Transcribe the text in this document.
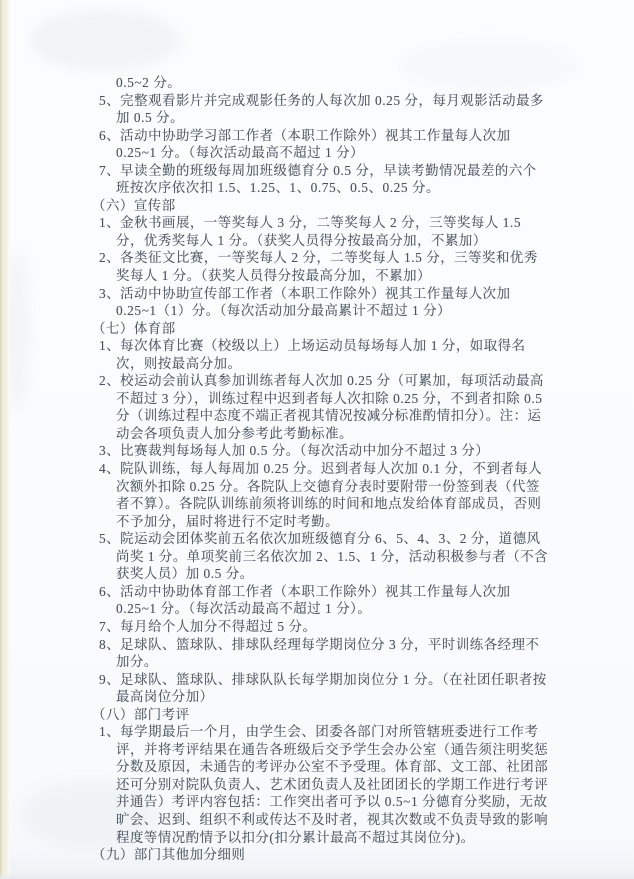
0.5~2 分。
5、完整观看影片并完成观影任务的人每次加 0.25 分，每月观影活动最多加 0.5 分。
6、活动中协助学习部工作者（本职工作除外）视其工作量每人次加 0.25~1 分。（每次活动最高不超过 1 分）
7、早读全勤的班级每周加班级德育分 0.5 分，早读考勤情况最差的六个班按次序依次扣 1.5、1.25、1、0.75、0.5、0.25 分。
（六）宣传部
1、金秋书画展，一等奖每人 3 分，二等奖每人 2 分，三等奖每人 1.5 分，优秀奖每人 1 分。（获奖人员得分按最高分加，不累加）
2、各类征文比赛，一等奖每人 2 分，二等奖每人 1.5 分，三等奖和优秀奖每人 1 分。（获奖人员得分按最高分加，不累加）
3、活动中协助宣传部工作者（本职工作除外）视其工作量每人次加 0.25~1（1）分。（每次活动加分最高累计不超过 1 分）
（七）体育部
1、每次体育比赛（校级以上）上场运动员每场每人加 1 分，如取得名次，则按最高分加。
2、校运动会前认真参加训练者每人次加 0.25 分（可累加，每项活动最高不超过 3 分），训练过程中迟到者每人次扣除 0.25 分，不到者扣除 0.5 分（训练过程中态度不端正者视其情况按减分标准酌情扣分）。注：运动会各项负责人加分参考此考勤标准。
3、比赛裁判每场每人加 0.5 分。（每次活动中加分不超过 3 分）
4、院队训练，每人每周加 0.25 分。迟到者每人次加 0.1 分，不到者每人次额外扣除 0.25 分。各院队上交德育分表时要附带一份签到表（代签者不算）。各院队训练前须将训练的时间和地点发给体育部成员，否则不予加分，届时将进行不定时考勤。
5、院运动会团体奖前五名依次加班级德育分 6、5、4、3、2 分，道德风尚奖 1 分。单项奖前三名依次加 2、1.5、1 分，活动积极参与者（不含获奖人员）加 0.5 分。
6、活动中协助体育部工作者（本职工作除外）视其工作量每人次加 0.25~1 分。（每次活动最高不超过 1 分）。
7、每月给个人加分不得超过 5 分。
8、足球队、篮球队、排球队经理每学期岗位分 3 分，平时训练各经理不加分。
9、足球队、篮球队、排球队队长每学期加岗位分 1 分。（在社团任职者按最高岗位分加）
（八）部门考评
1、每学期最后一个月，由学生会、团委各部门对所管辖班委进行工作考评，并将考评结果在通告各班级后交予学生会办公室（通告须注明奖惩分数及原因，未通告的考评办公室不予受理。体育部、文工部、社团部还可分别对院队负责人、艺术团负责人及社团团长的学期工作进行考评并通告）考评内容包括：工作突出者可予以 0.5~1 分德育分奖励，无故旷会、迟到、组织不利或传达不及时者，视其次数或不负责导致的影响程度等情况酌情予以扣分(扣分累计最高不超过其岗位分)。
（九）部门其他加分细则
